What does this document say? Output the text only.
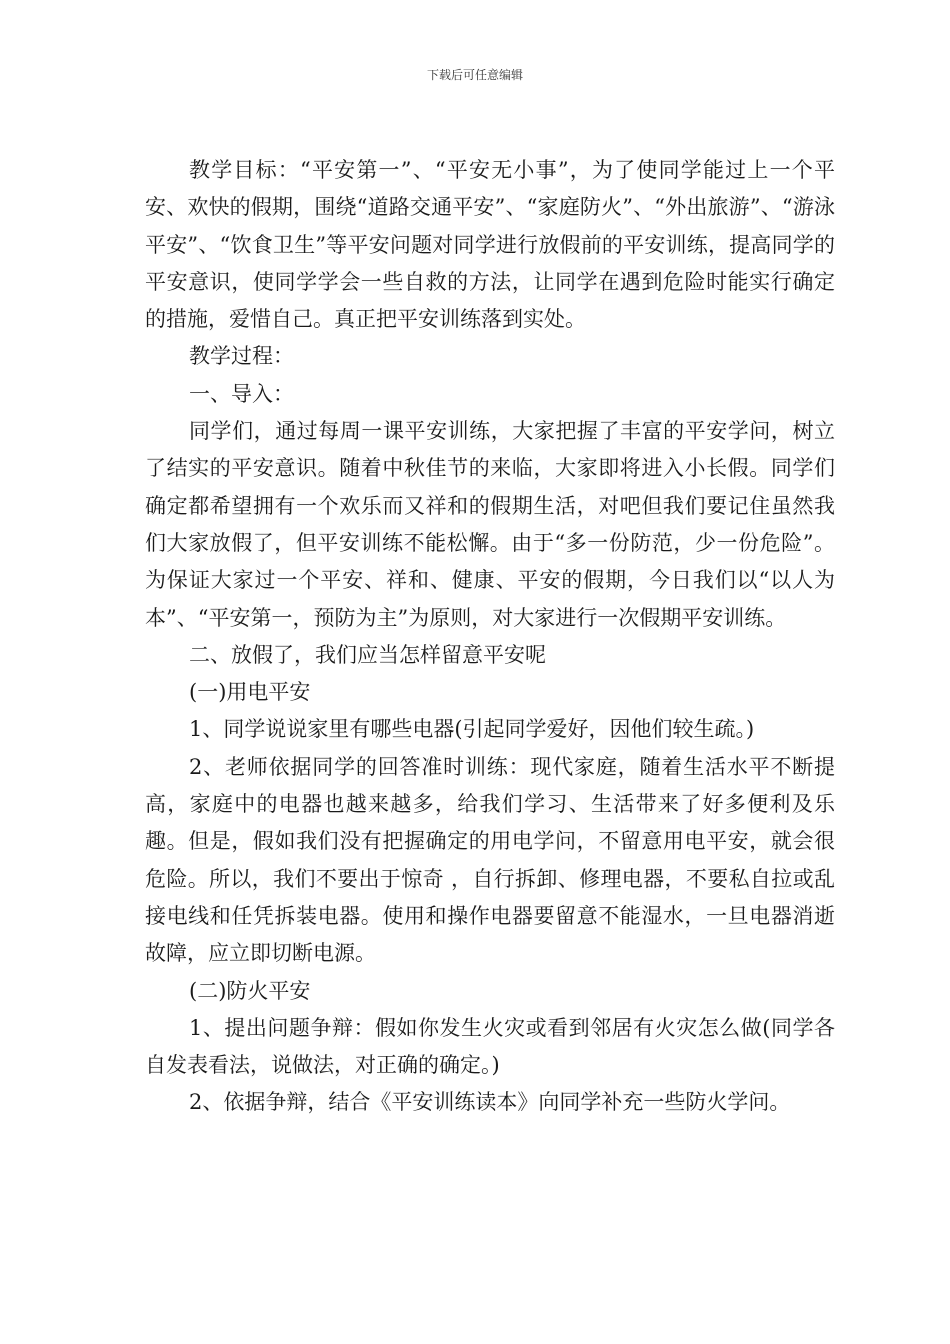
下载后可任意编辑

教学目标：“平安第一”、“平安无小事”，为了使同学能过上一个平安、欢快的假期，围绕“道路交通平安”、“家庭防火”、“外出旅游”、“游泳平安”、“饮食卫生”等平安问题对同学进行放假前的平安训练，提高同学的平安意识，使同学学会一些自救的方法，让同学在遇到危险时能实行确定的措施，爱惜自己。真正把平安训练落到实处。

教学过程：

一、导入：

同学们，通过每周一课平安训练，大家把握了丰富的平安学问，树立了结实的平安意识。随着中秋佳节的来临，大家即将进入小长假。同学们确定都希望拥有一个欢乐而又祥和的假期生活，对吧但我们要记住虽然我们大家放假了，但平安训练不能松懈。由于“多一份防范，少一份危险”。为保证大家过一个平安、祥和、健康、平安的假期，今日我们以“以人为本”、“平安第一，预防为主”为原则，对大家进行一次假期平安训练。

二、放假了，我们应当怎样留意平安呢

(一)用电平安

1、同学说说家里有哪些电器(引起同学爱好，因他们较生疏。)

2、老师依据同学的回答准时训练：现代家庭，随着生活水平不断提高，家庭中的电器也越来越多，给我们学习、生活带来了好多便利及乐趣。但是，假如我们没有把握确定的用电学问，不留意用电平安，就会很危险。所以，我们不要出于惊奇 ，自行拆卸、修理电器，不要私自拉或乱接电线和任凭拆装电器。使用和操作电器要留意不能湿水，一旦电器消逝故障，应立即切断电源。

(二)防火平安

1、提出问题争辩：假如你发生火灾或看到邻居有火灾怎么做(同学各自发表看法，说做法，对正确的确定。)

2、依据争辩，结合《平安训练读本》向同学补充一些防火学问。
